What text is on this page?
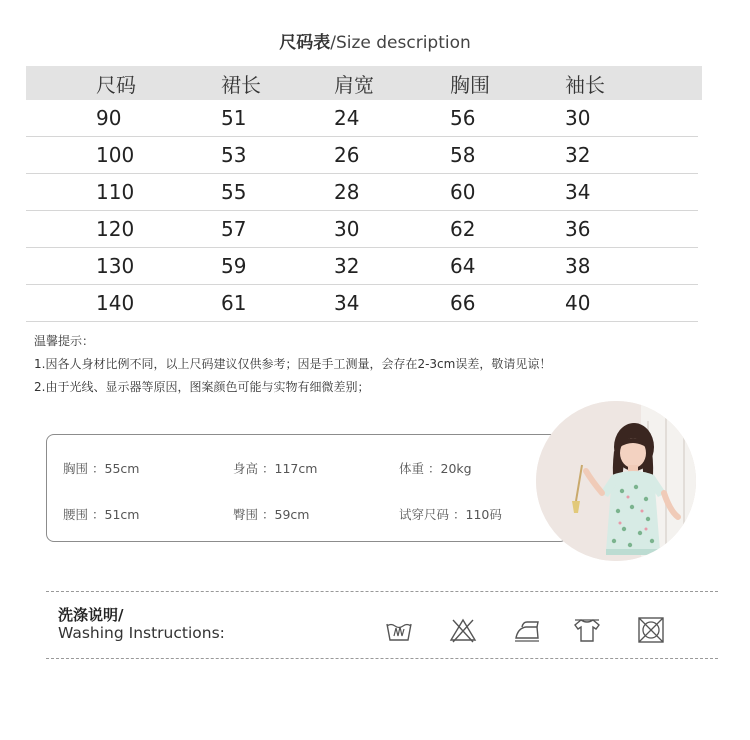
尺码表/Size description
尺码	裙长	肩宽	胸围	袖长
90	51	24	56	30
100	53	26	58	32
110	55	28	60	34
120	57	30	62	36
130	59	32	64	38
140	61	34	66	40
温馨提示：
1.因各人身材比例不同，以上尺码建议仅供参考；因是手工测量，会存在2-3cm误差，敬请见谅！
2.由于光线、显示器等原因，图案颜色可能与实物有细微差别；
胸围 ：55cm	身高 ：117cm	体重 ：20kg
腰围 ：51cm	臀围 ：59cm	试穿尺码 ：110码
洗涤说明/
Washing Instructions:
